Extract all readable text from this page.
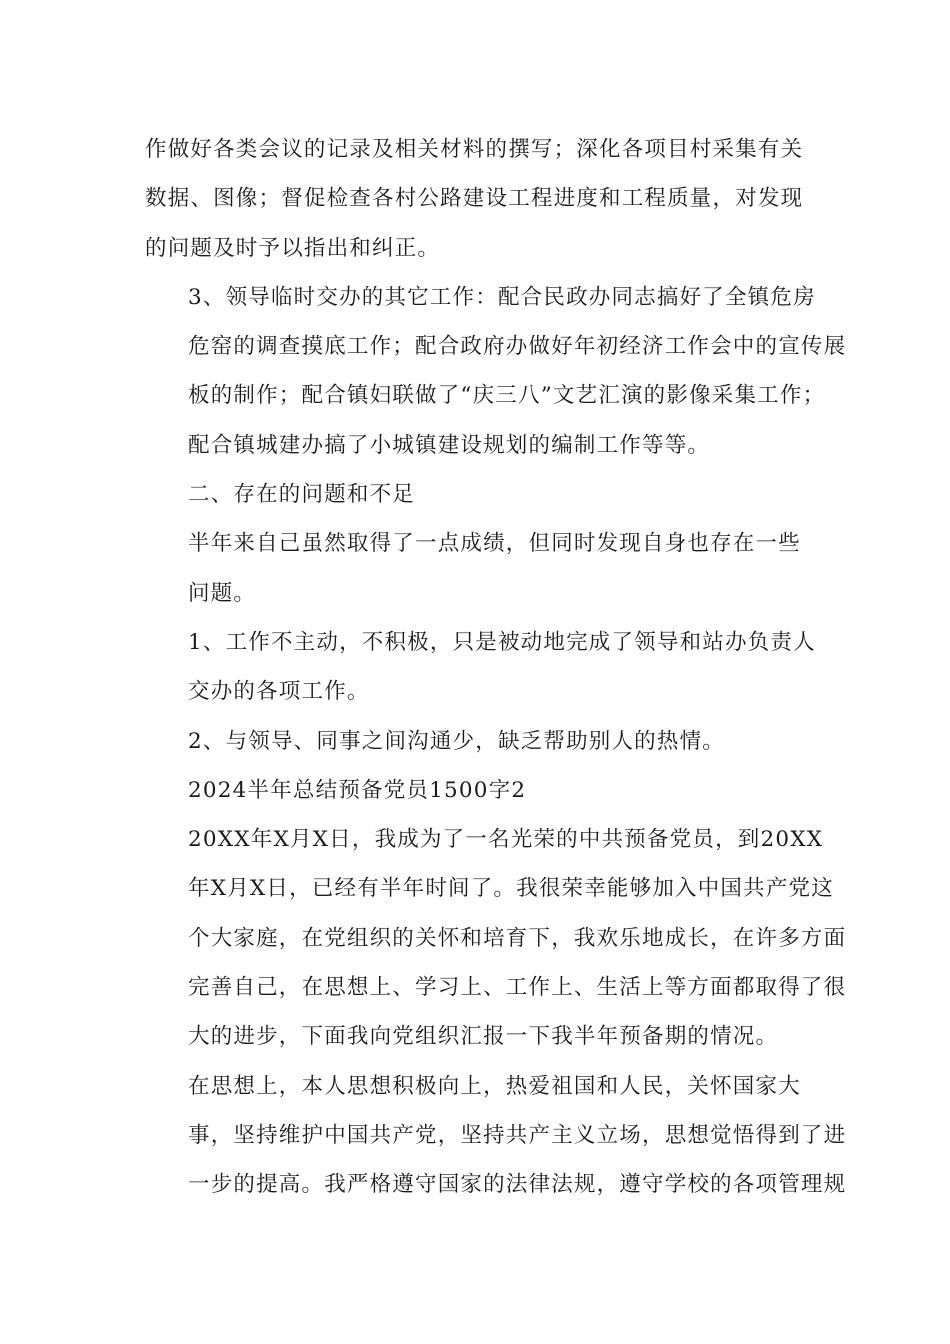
作做好各类会议的记录及相关材料的撰写；深化各项目村采集有关
数据、图像；督促检查各村公路建设工程进度和工程质量，对发现
的问题及时予以指出和纠正。
3、领导临时交办的其它工作：配合民政办同志搞好了全镇危房
危窑的调查摸底工作；配合政府办做好年初经济工作会中的宣传展
板的制作；配合镇妇联做了“庆三八”文艺汇演的影像采集工作；
配合镇城建办搞了小城镇建设规划的编制工作等等。
二、存在的问题和不足
半年来自己虽然取得了一点成绩，但同时发现自身也存在一些
问题。
1、工作不主动，不积极，只是被动地完成了领导和站办负责人
交办的各项工作。
2、与领导、同事之间沟通少，缺乏帮助别人的热情。
2024半年总结预备党员1500字2
20XX年X月X日，我成为了一名光荣的中共预备党员，到20XX
年X月X日，已经有半年时间了。我很荣幸能够加入中国共产党这
个大家庭，在党组织的关怀和培育下，我欢乐地成长，在许多方面
完善自己，在思想上、学习上、工作上、生活上等方面都取得了很
大的进步，下面我向党组织汇报一下我半年预备期的情况。
在思想上，本人思想积极向上，热爱祖国和人民，关怀国家大
事，坚持维护中国共产党，坚持共产主义立场，思想觉悟得到了进
一步的提高。我严格遵守国家的法律法规，遵守学校的各项管理规
